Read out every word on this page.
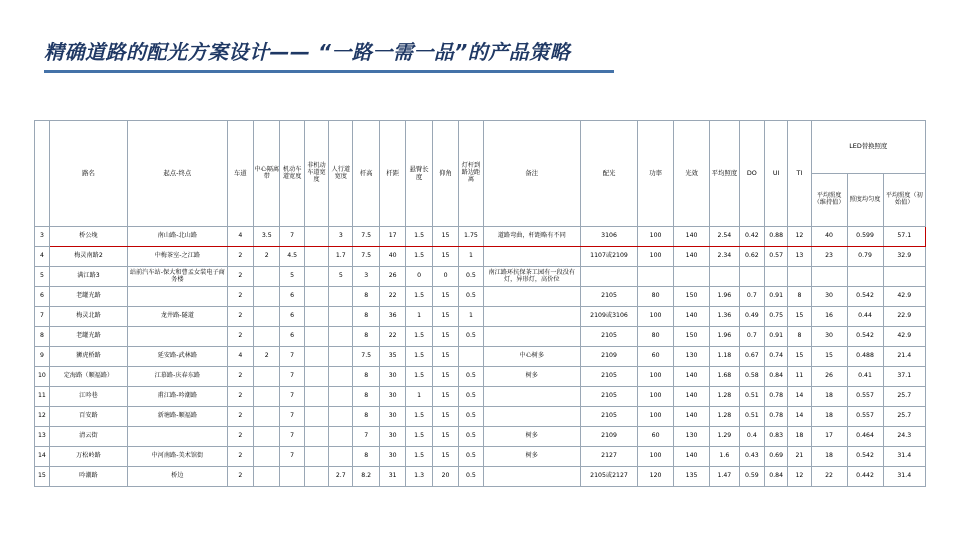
精确道路的配光方案设计—— “一路一需一品”的产品策略
	路名	起点-终点	车道	中心隔离带	机动车道宽度	非机动车道宽度	人行道宽度	杆高	杆距	悬臂长度	仰角	灯杆到路边距离	备注	配光	功率	光效	平均照度	DO	UI	TI	LED替换照度		
																					平均照度（维持值）	照度均匀度	平均照度（初始值）
3	桥公堍	南山路-北山路	4	3.5	7		3	7.5	17	1.5	15	1.75	道路弯曲，杆距略有不同	3106	100	140	2.54	0.42	0.88	12	40	0.599	57.1
4	梅灵南路2	中梅茶室-之江路	2	2	4.5		1.7	7.5	40	1.5	15	1		1107或2109	100	140	2.34	0.62	0.57	13	23	0.79	32.9
5	满江路3	站前汽车站-保大和曹孟女装电子商务楼	2		5		5	3	26	0	0	0.5	南江路环抗保茶工园有一段没有灯，异形灯，高价位										
6	老罐光路		2		6			8	22	1.5	15	0.5		2105	80	150	1.96	0.7	0.91	8	30	0.542	42.9
7	梅灵北路	龙井路-隧道	2		6			8	36	1	15	1		2109或3106	100	140	1.36	0.49	0.75	15	16	0.44	22.9
8	老罐光路		2		6			8	22	1.5	15	0.5		2105	80	150	1.96	0.7	0.91	8	30	0.542	42.9
9	狮虎桥路	延安路-武林路	4	2	7			7.5	35	1.5	15		中心树多	2109	60	130	1.18	0.67	0.74	15	15	0.488	21.4
10	定海路（顺福路）	江慕路-庆春东路	2		7			8	30	1.5	15	0.5	树多	2105	100	140	1.68	0.58	0.84	11	26	0.41	37.1
11	江吟巷	甫江路-吟潮路	2		7			8	30	1	15	0.5		2105	100	140	1.28	0.51	0.78	14	18	0.557	25.7
12	百安路	新塘路-顺福路	2		7			8	30	1.5	15	0.5		2105	100	140	1.28	0.51	0.78	14	18	0.557	25.7
13	清云街		2		7			7	30	1.5	15	0.5	树多	2109	60	130	1.29	0.4	0.83	18	17	0.464	24.3
14	万松岭路	中河南路-美术馆街	2		7			8	30	1.5	15	0.5	树多	2127	100	140	1.6	0.43	0.69	21	18	0.542	31.4
15	吟潮路	桥边	2				2.7	8.2	31	1.3	20	0.5		2105或2127	120	135	1.47	0.59	0.84	12	22	0.442	31.4
